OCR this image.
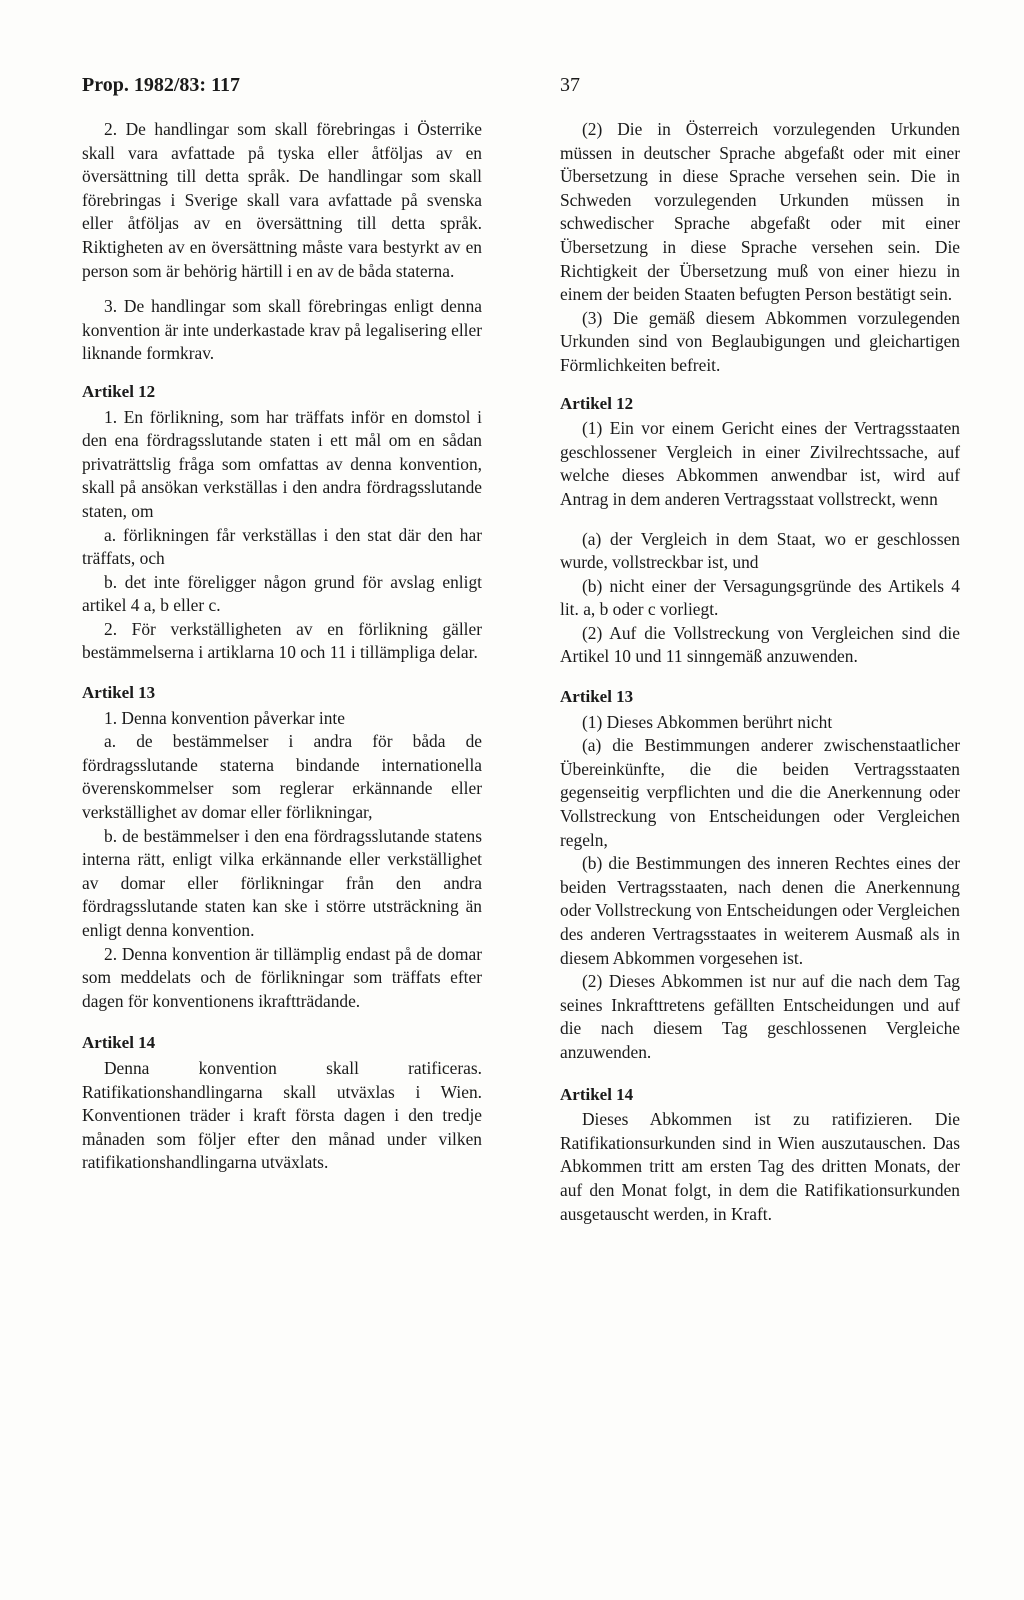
Prop. 1982/83: 117	37

2. De handlingar som skall förebringas i Österrike skall vara avfattade på tyska eller åtföljas av en översättning till detta språk. De handlingar som skall förebringas i Sverige skall vara avfattade på svenska eller åtföljas av en översättning till detta språk. Riktigheten av en översättning måste vara bestyrkt av en person som är behörig härtill i en av de båda staterna.

3. De handlingar som skall förebringas enligt denna konvention är inte underkastade krav på legalisering eller liknande formkrav.

Artikel 12

1. En förlikning, som har träffats inför en domstol i den ena fördragsslutande staten i ett mål om en sådan privaträttslig fråga som omfattas av denna konvention, skall på ansökan verkställas i den andra fördragsslutande staten, om

a. förlikningen får verkställas i den stat där den har träffats, och

b. det inte föreligger någon grund för avslag enligt artikel 4 a, b eller c.

2. För verkställigheten av en förlikning gäller bestämmelserna i artiklarna 10 och 11 i tillämpliga delar.

Artikel 13

1. Denna konvention påverkar inte

a. de bestämmelser i andra för båda de fördragsslutande staterna bindande internationella överenskommelser som reglerar erkännande eller verkställighet av domar eller förlikningar,

b. de bestämmelser i den ena fördragsslutande statens interna rätt, enligt vilka erkännande eller verkställighet av domar eller förlikningar från den andra fördragsslutande staten kan ske i större utsträckning än enligt denna konvention.

2. Denna konvention är tillämplig endast på de domar som meddelats och de förlikningar som träffats efter dagen för konventionens ikraftträdande.

Artikel 14

Denna konvention skall ratificeras. Ratifikationshandlingarna skall utväxlas i Wien. Konventionen träder i kraft första dagen i den tredje månaden som följer efter den månad under vilken ratifikationshandlingarna utväxlats.

(2) Die in Österreich vorzulegenden Urkunden müssen in deutscher Sprache abgefaßt oder mit einer Übersetzung in diese Sprache versehen sein. Die in Schweden vorzulegenden Urkunden müssen in schwedischer Sprache abgefaßt oder mit einer Übersetzung in diese Sprache versehen sein. Die Richtigkeit der Übersetzung muß von einer hiezu in einem der beiden Staaten befugten Person bestätigt sein.

(3) Die gemäß diesem Abkommen vorzulegenden Urkunden sind von Beglaubigungen und gleichartigen Förmlichkeiten befreit.

Artikel 12

(1) Ein vor einem Gericht eines der Vertragsstaaten geschlossener Vergleich in einer Zivilrechtssache, auf welche dieses Abkommen anwendbar ist, wird auf Antrag in dem anderen Vertragsstaat vollstreckt, wenn

(a) der Vergleich in dem Staat, wo er geschlossen wurde, vollstreckbar ist, und

(b) nicht einer der Versagungsgründe des Artikels 4 lit. a, b oder c vorliegt.

(2) Auf die Vollstreckung von Vergleichen sind die Artikel 10 und 11 sinngemäß anzuwenden.

Artikel 13

(1) Dieses Abkommen berührt nicht

(a) die Bestimmungen anderer zwischenstaatlicher Übereinkünfte, die die beiden Vertragsstaaten gegenseitig verpflichten und die die Anerkennung oder Vollstreckung von Entscheidungen oder Vergleichen regeln,

(b) die Bestimmungen des inneren Rechtes eines der beiden Vertragsstaaten, nach denen die Anerkennung oder Vollstreckung von Entscheidungen oder Vergleichen des anderen Vertragsstaates in weiterem Ausmaß als in diesem Abkommen vorgesehen ist.

(2) Dieses Abkommen ist nur auf die nach dem Tag seines Inkrafttretens gefällten Entscheidungen und auf die nach diesem Tag geschlossenen Vergleiche anzuwenden.

Artikel 14

Dieses Abkommen ist zu ratifizieren. Die Ratifikationsurkunden sind in Wien auszutauschen. Das Abkommen tritt am ersten Tag des dritten Monats, der auf den Monat folgt, in dem die Ratifikationsurkunden ausgetauscht werden, in Kraft.
